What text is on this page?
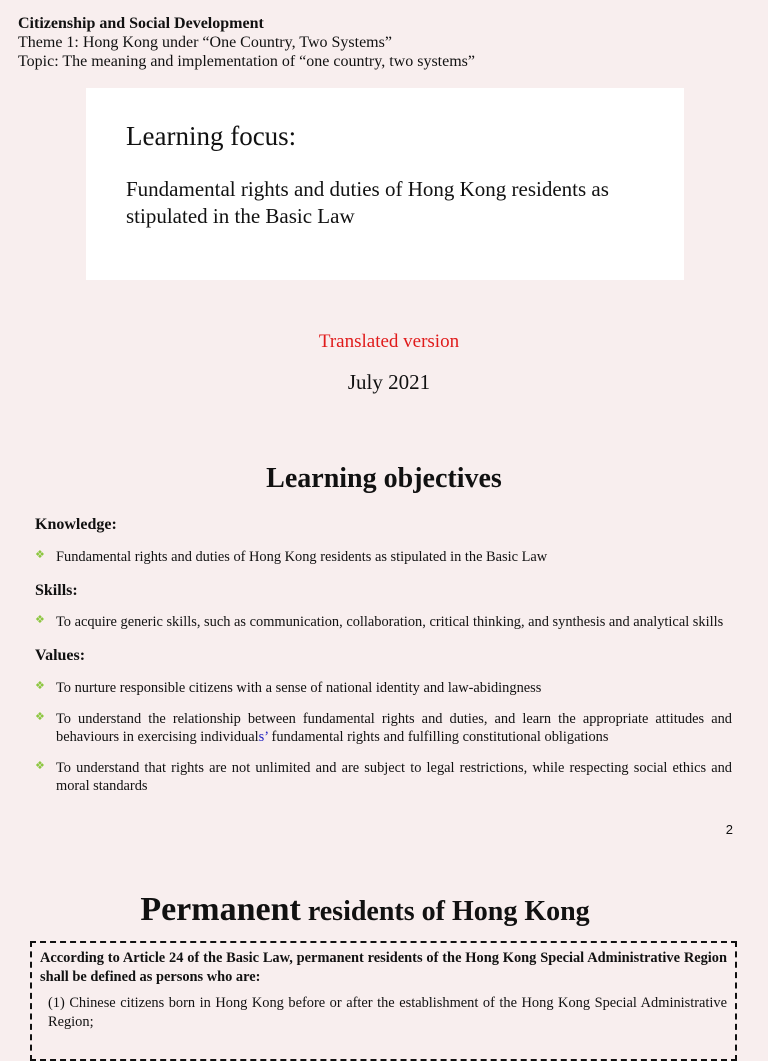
Citizenship and Social Development
Theme 1: Hong Kong under “One Country, Two Systems”
Topic: The meaning and implementation of “one country, two systems”
Learning focus:
Fundamental rights and duties of Hong Kong residents as stipulated in the Basic Law
Translated version
July 2021
Learning objectives
Knowledge:
❖ Fundamental rights and duties of Hong Kong residents as stipulated in the Basic Law
Skills:
❖ To acquire generic skills, such as communication, collaboration, critical thinking, and synthesis and analytical skills
Values:
❖ To nurture responsible citizens with a sense of national identity and law-abidingness
❖ To understand the relationship between fundamental rights and duties, and learn the appropriate attitudes and behaviours in exercising individuals’ fundamental rights and fulfilling constitutional obligations
❖ To understand that rights are not unlimited and are subject to legal restrictions, while respecting social ethics and moral standards
2
Permanent residents of Hong Kong
According to Article 24 of the Basic Law, permanent residents of the Hong Kong Special Administrative Region shall be defined as persons who are:
(1) Chinese citizens born in Hong Kong before or after the establishment of the Hong Kong Special Administrative Region;
